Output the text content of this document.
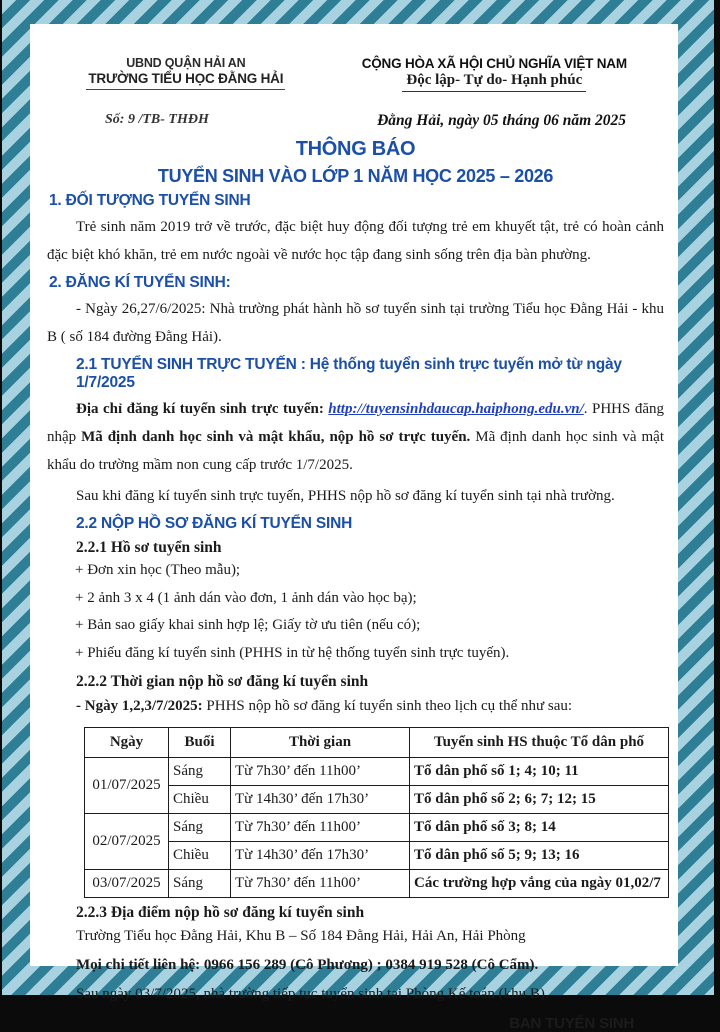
UBND QUẬN HẢI AN
TRƯỜNG TIỂU HỌC ĐẰNG HẢI
CỘNG HÒA XÃ HỘI CHỦ NGHĨA VIỆT NAM
Độc lập- Tự do- Hạnh phúc
Số: 9 /TB- THĐH	Đằng Hải, ngày 05 tháng 06 năm 2025
THÔNG BÁO
TUYỂN SINH VÀO LỚP 1 NĂM HỌC 2025 – 2026
1. ĐỐI TƯỢNG TUYỂN SINH

Trẻ sinh năm 2019 trở về trước, đặc biệt huy động đối tượng trẻ em khuyết tật, trẻ có hoàn cảnh đặc biệt khó khăn, trẻ em nước ngoài về nước học tập đang sinh sống trên địa bàn phường.

2. ĐĂNG KÍ TUYỂN SINH:

- Ngày 26,27/6/2025: Nhà trường phát hành hồ sơ tuyển sinh tại trường Tiểu học Đằng Hải - khu B ( số 184 đường Đằng Hải).

2.1 TUYỂN SINH TRỰC TUYẾN : Hệ thống tuyển sinh trực tuyến mở từ ngày 1/7/2025

Địa chỉ đăng kí tuyển sinh trực tuyến: http://tuyensinhdaucap.haiphong.edu.vn/. PHHS đăng nhập Mã định danh học sinh và mật khẩu, nộp hồ sơ trực tuyến. Mã định danh học sinh và mật khẩu do trường mầm non cung cấp trước 1/7/2025.

Sau khi đăng kí tuyển sinh trực tuyến, PHHS nộp hồ sơ đăng kí tuyển sinh tại nhà trường.

2.2 NỘP HỒ SƠ ĐĂNG KÍ TUYỂN SINH
2.2.1 Hồ sơ tuyển sinh
+ Đơn xin học (Theo mẫu);
+ 2 ảnh 3 x 4 (1 ảnh dán vào đơn, 1 ảnh dán vào học bạ);
+ Bản sao giấy khai sinh hợp lệ; Giấy tờ ưu tiên (nếu có);
+ Phiếu đăng kí tuyển sinh (PHHS in từ hệ thống tuyển sinh trực tuyến).
2.2.2 Thời gian nộp hồ sơ đăng kí tuyển sinh
- Ngày 1,2,3/7/2025: PHHS nộp hồ sơ đăng kí tuyển sinh theo lịch cụ thể như sau:
Ngày	Buổi	Thời gian	Tuyển sinh HS thuộc Tổ dân phố
01/07/2025	Sáng	Từ 7h30’ đến 11h00’	Tổ dân phố số 1; 4; 10; 11
	Chiều	Từ 14h30’ đến 17h30’	Tổ dân phố số 2; 6; 7; 12; 15
02/07/2025	Sáng	Từ 7h30’ đến 11h00’	Tổ dân phố số 3; 8; 14
	Chiều	Từ 14h30’ đến 17h30’	Tổ dân phố số 5; 9; 13; 16
03/07/2025	Sáng	Từ 7h30’ đến 11h00’	Các trường hợp vắng của ngày 01,02/7
2.2.3 Địa điểm nộp hồ sơ đăng kí tuyển sinh
Trường Tiểu học Đằng Hải, Khu B – Số 184 Đằng Hải, Hải An, Hải Phòng
Mọi chi tiết liên hệ: 0966 156 289 (Cô Phương) ; 0384 919 528 (Cô Cẩm).
Sau ngày 03/7/2025, nhà trường tiếp tục tuyển sinh tại Phòng Kế toán (khu B).
BAN TUYỂN SINH
